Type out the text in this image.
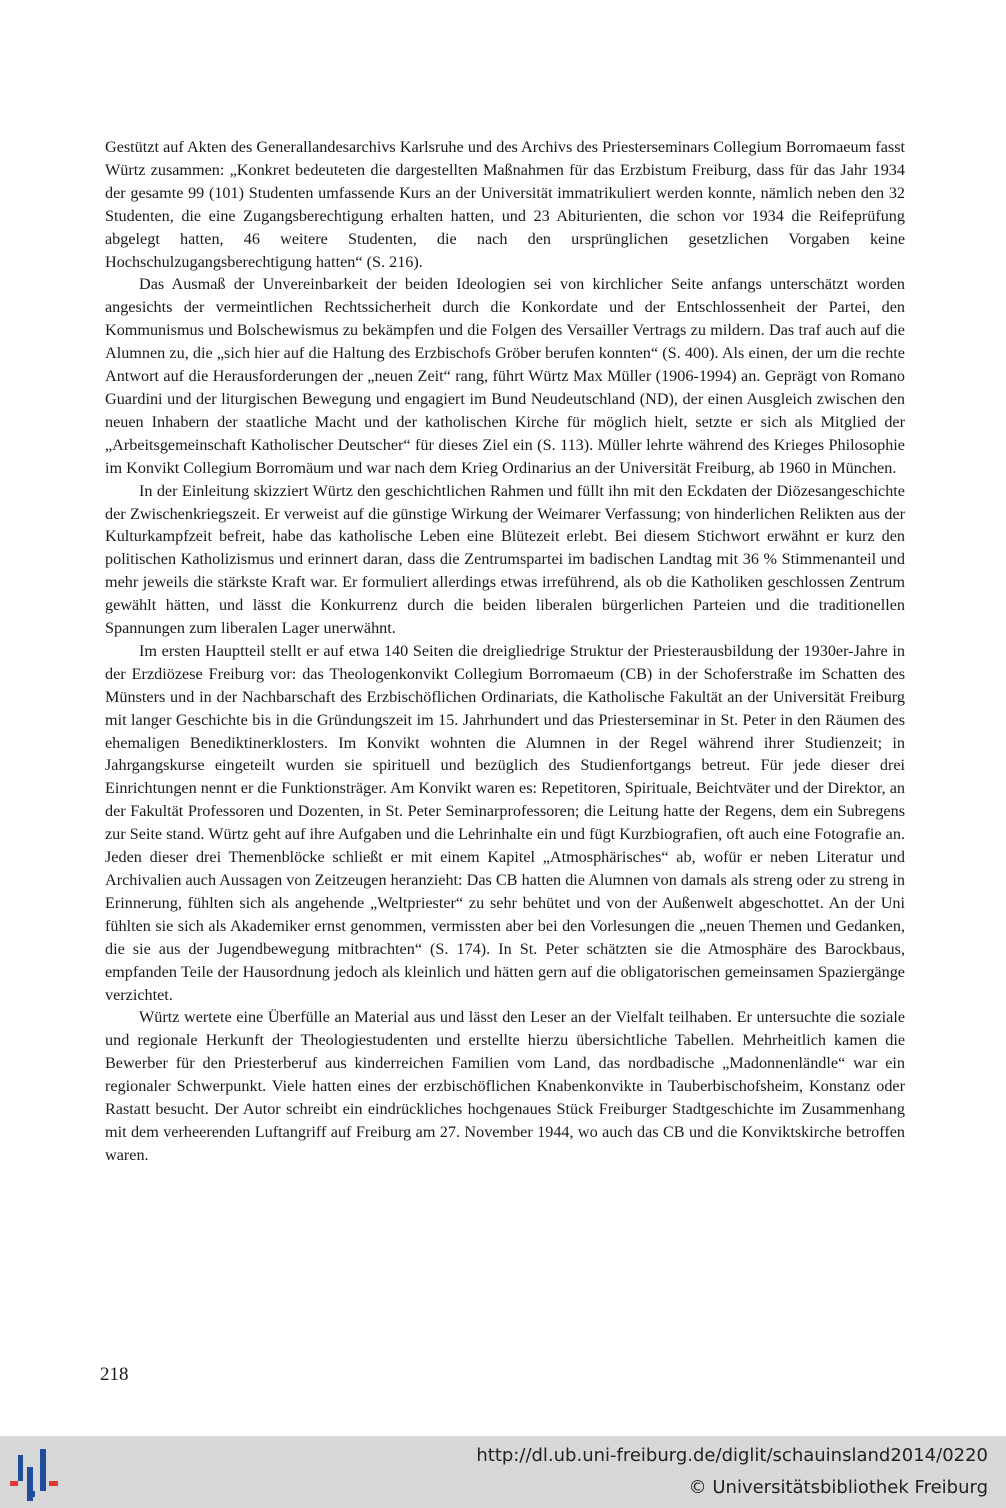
Gestützt auf Akten des Generallandesarchivs Karlsruhe und des Archivs des Priesterseminars Collegium Borromaeum fasst Würtz zusammen: „Konkret bedeuteten die dargestellten Maßnahmen für das Erzbistum Freiburg, dass für das Jahr 1934 der gesamte 99 (101) Studenten umfassende Kurs an der Universität immatrikuliert werden konnte, nämlich neben den 32 Studenten, die eine Zugangsberechtigung erhalten hatten, und 23 Abiturienten, die schon vor 1934 die Reifeprüfung abgelegt hatten, 46 weitere Studenten, die nach den ursprünglichen gesetzlichen Vorgaben keine Hochschulzugangsberechtigung hatten“ (S. 216).

Das Ausmaß der Unvereinbarkeit der beiden Ideologien sei von kirchlicher Seite anfangs unterschätzt worden angesichts der vermeintlichen Rechtssicherheit durch die Konkordate und der Entschlossenheit der Partei, den Kommunismus und Bolschewismus zu bekämpfen und die Folgen des Versailler Vertrags zu mildern. Das traf auch auf die Alumnen zu, die „sich hier auf die Haltung des Erzbischofs Gröber berufen konnten“ (S. 400). Als einen, der um die rechte Antwort auf die Herausforderungen der „neuen Zeit“ rang, führt Würtz Max Müller (1906-1994) an. Geprägt von Romano Guardini und der liturgischen Bewegung und engagiert im Bund Neudeutschland (ND), der einen Ausgleich zwischen den neuen Inhabern der staatliche Macht und der katholischen Kirche für möglich hielt, setzte er sich als Mitglied der „Arbeitsgemeinschaft Katholischer Deutscher“ für dieses Ziel ein (S. 113). Müller lehrte während des Krieges Philosophie im Konvikt Collegium Borromäum und war nach dem Krieg Ordinarius an der Universität Freiburg, ab 1960 in München.

In der Einleitung skizziert Würtz den geschichtlichen Rahmen und füllt ihn mit den Eckdaten der Diözesangeschichte der Zwischenkriegszeit. Er verweist auf die günstige Wirkung der Weimarer Verfassung; von hinderlichen Relikten aus der Kulturkampfzeit befreit, habe das katholische Leben eine Blütezeit erlebt. Bei diesem Stichwort erwähnt er kurz den politischen Katholizismus und erinnert daran, dass die Zentrumspartei im badischen Landtag mit 36 % Stimmenanteil und mehr jeweils die stärkste Kraft war. Er formuliert allerdings etwas irreführend, als ob die Katholiken geschlossen Zentrum gewählt hätten, und lässt die Konkurrenz durch die beiden liberalen bürgerlichen Parteien und die traditionellen Spannungen zum liberalen Lager unerwähnt.

Im ersten Hauptteil stellt er auf etwa 140 Seiten die dreigliedrige Struktur der Priesterausbildung der 1930er-Jahre in der Erzdiözese Freiburg vor: das Theologenkonvikt Collegium Borromaeum (CB) in der Schoferstraße im Schatten des Münsters und in der Nachbarschaft des Erzbischöflichen Ordinariats, die Katholische Fakultät an der Universität Freiburg mit langer Geschichte bis in die Gründungszeit im 15. Jahrhundert und das Priesterseminar in St. Peter in den Räumen des ehemaligen Benediktinerklosters. Im Konvikt wohnten die Alumnen in der Regel während ihrer Studienzeit; in Jahrgangskurse eingeteilt wurden sie spirituell und bezüglich des Studienfortgangs betreut. Für jede dieser drei Einrichtungen nennt er die Funktionsträger. Am Konvikt waren es: Repetitoren, Spirituale, Beichtväter und der Direktor, an der Fakultät Professoren und Dozenten, in St. Peter Seminarprofessoren; die Leitung hatte der Regens, dem ein Subregens zur Seite stand. Würtz geht auf ihre Aufgaben und die Lehrinhalte ein und fügt Kurzbiografien, oft auch eine Fotografie an. Jeden dieser drei Themenblöcke schließt er mit einem Kapitel „Atmosphärisches“ ab, wofür er neben Literatur und Archivalien auch Aussagen von Zeitzeugen heranzieht: Das CB hatten die Alumnen von damals als streng oder zu streng in Erinnerung, fühlten sich als angehende „Weltpriester“ zu sehr behütet und von der Außenwelt abgeschottet. An der Uni fühlten sie sich als Akademiker ernst genommen, vermissten aber bei den Vorlesungen die „neuen Themen und Gedanken, die sie aus der Jugendbewegung mitbrachten“ (S. 174). In St. Peter schätzten sie die Atmosphäre des Barockbaus, empfanden Teile der Hausordnung jedoch als kleinlich und hätten gern auf die obligatorischen gemeinsamen Spaziergänge verzichtet.

Würtz wertete eine Überfülle an Material aus und lässt den Leser an der Vielfalt teilhaben. Er untersuchte die soziale und regionale Herkunft der Theologiestudenten und erstellte hierzu übersichtliche Tabellen. Mehrheitlich kamen die Bewerber für den Priesterberuf aus kinderreichen Familien vom Land, das nordbadische „Madonnenländle“ war ein regionaler Schwerpunkt. Viele hatten eines der erzbischöflichen Knabenkonvikte in Tauberbischofsheim, Konstanz oder Rastatt besucht. Der Autor schreibt ein eindrückliches hochgenaues Stück Freiburger Stadtgeschichte im Zusammenhang mit dem verheerenden Luftangriff auf Freiburg am 27. November 1944, wo auch das CB und die Konviktskirche betroffen waren.

218
http://dl.ub.uni-freiburg.de/diglit/schauinsland2014/0220
© Universitätsbibliothek Freiburg
